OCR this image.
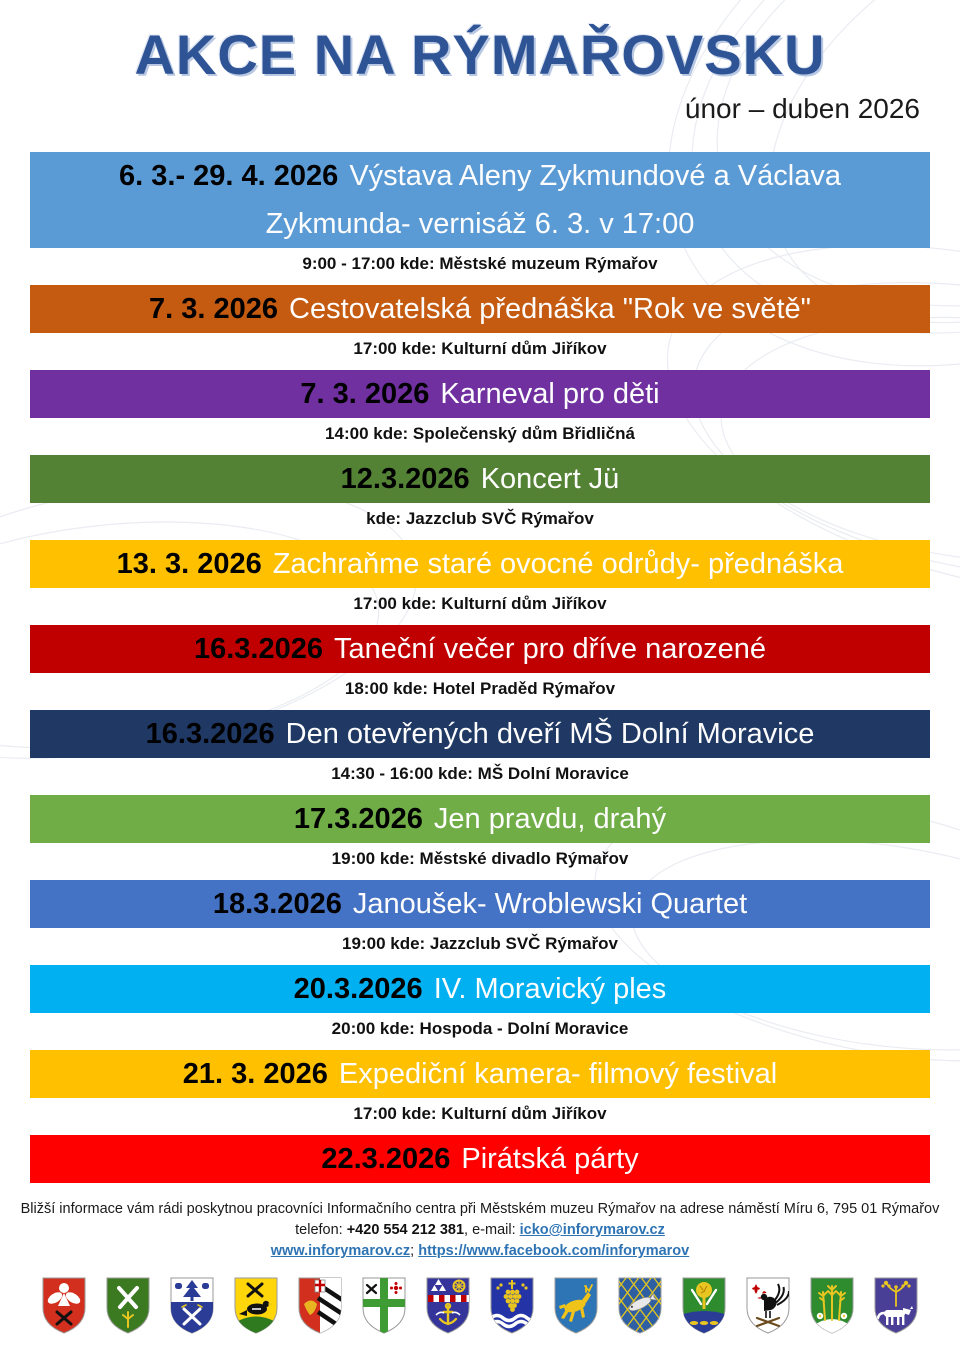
AKCE NA RÝMAŘOVSKU
únor – duben 2026
6. 3.- 29. 4. 2026 Výstava Aleny Zykmundové a Václava
Zykmunda- vernisáž 6. 3. v 17:00
9:00 - 17:00 kde: Městské muzeum Rýmařov
7. 3. 2026 Cestovatelská přednáška "Rok ve světě"
17:00 kde: Kulturní dům Jiříkov
7. 3. 2026 Karneval pro děti
14:00 kde: Společenský dům Břidličná
12.3.2026 Koncert Jü
kde: Jazzclub SVČ Rýmařov
13. 3. 2026 Zachraňme staré ovocné odrůdy- přednáška
17:00 kde: Kulturní dům Jiříkov
16.3.2026 Taneční večer pro dříve narozené
18:00 kde: Hotel Praděd Rýmařov
16.3.2026 Den otevřených dveří MŠ Dolní Moravice
14:30 - 16:00 kde: MŠ Dolní Moravice
17.3.2026 Jen pravdu, drahý
19:00 kde: Městské divadlo Rýmařov
18.3.2026 Janoušek- Wroblewski Quartet
19:00 kde: Jazzclub SVČ Rýmařov
20.3.2026 IV. Moravický ples
20:00 kde: Hospoda - Dolní Moravice
21. 3. 2026 Expediční kamera- filmový festival
17:00 kde: Kulturní dům Jiříkov
22.3.2026 Pirátská párty
Bližší informace vám rádi poskytnou pracovníci Informačního centra při Městském muzeu Rýmařov na adrese náměstí Míru 6, 795 01 Rýmařov
telefon: +420 554 212 381, e-mail: icko@inforymarov.cz
www.inforymarov.cz; https://www.facebook.com/inforymarov
